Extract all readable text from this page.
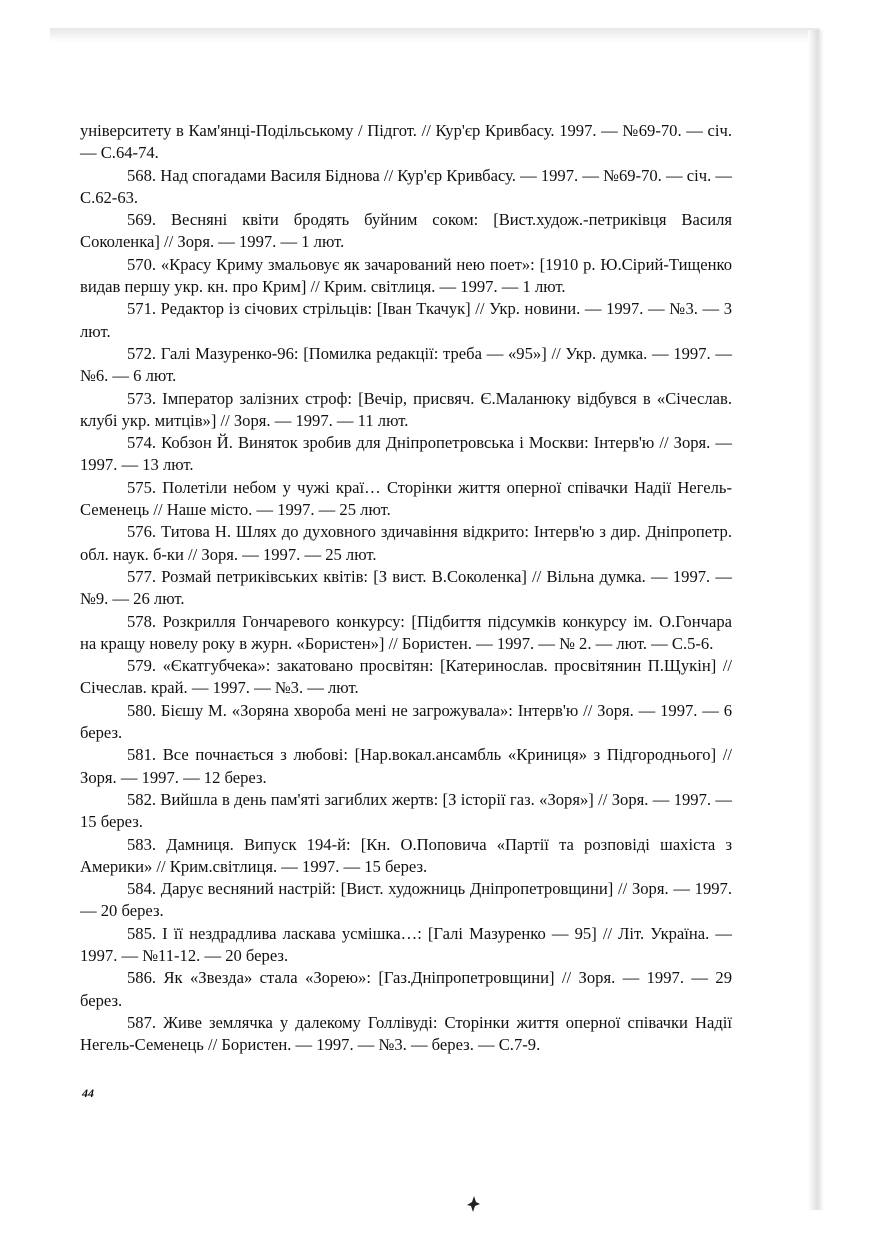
університету в Кам'янці-Подільському / Підгот. // Кур'єр Кривбасу. 1997. — №69-70. — січ. — С.64-74.

568. Над спогадами Василя Біднова // Кур'єр Кривбасу. — 1997. — №69-70. — січ. — С.62-63.

569. Весняні квіти бродять буйним соком: [Вист.худож.-петриківця Василя Соколенка] // Зоря. — 1997. — 1 лют.

570. «Красу Криму змальовує як зачарований нею поет»: [1910 р. Ю.Сірий-Тищенко видав першу укр. кн. про Крим] // Крим. світлиця. — 1997. — 1 лют.

571. Редактор із січових стрільців: [Іван Ткачук] // Укр. новини. — 1997. — №3. — 3 лют.

572. Галі Мазуренко-96: [Помилка редакції: треба — «95»] // Укр. думка. — 1997. — №6. — 6 лют.

573. Імператор залізних строф: [Вечір, присвяч. Є.Маланюку відбувся в «Січеслав. клубі укр. митців»] // Зоря. — 1997. — 11 лют.

574. Кобзон Й. Виняток зробив для Дніпропетровська і Москви: Інтерв'ю // Зоря. — 1997. — 13 лют.

575. Полетіли небом у чужі краї… Сторінки життя оперної співачки Надії Негель-Семенець // Наше місто. — 1997. — 25 лют.

576. Титова Н. Шлях до духовного здичавіння відкрито: Інтерв'ю з дир. Дніпропетр. обл. наук. б-ки // Зоря. — 1997. — 25 лют.

577. Розмай петриківських квітів: [З вист. В.Соколенка] // Вільна думка. — 1997. — №9. — 26 лют.

578. Розкрилля Гончаревого конкурсу: [Підбиття підсумків конкурсу ім. О.Гончара на кращу новелу року в журн. «Бористен»] // Бористен. — 1997. — № 2. — лют. — С.5-6.

579. «Єкатгубчека»: закатовано просвітян: [Катеринослав. просвітянин П.Щукін] // Січеслав. край. — 1997. — №3. — лют.

580. Бієшу М. «Зоряна хвороба мені не загрожувала»: Інтерв'ю // Зоря. — 1997. — 6 берез.

581. Все почнається з любові: [Нар.вокал.ансамбль «Криниця» з Підгороднього] // Зоря. — 1997. — 12 берез.

582. Вийшла в день пам'яті загиблих жертв: [З історії газ. «Зоря»] // Зоря. — 1997. — 15 берез.

583. Дамниця. Випуск 194-й: [Кн. О.Поповича «Партії та розповіді шахіста з Америки» // Крим.світлиця. — 1997. — 15 берез.

584. Дарує весняний настрій: [Вист. художниць Дніпропетровщини] // Зоря. — 1997. — 20 берез.

585. І її нездрадлива ласкава усмішка…: [Галі Мазуренко — 95] // Літ. Україна. — 1997. — №11-12. — 20 берез.

586. Як «Звезда» стала «Зорею»: [Газ.Дніпропетровщини] // Зоря. — 1997. — 29 берез.

587. Живе землячка у далекому Голлівуді: Сторінки життя оперної співачки Надії Негель-Семенець // Бористен. — 1997. — №3. — берез. — С.7-9.

44
